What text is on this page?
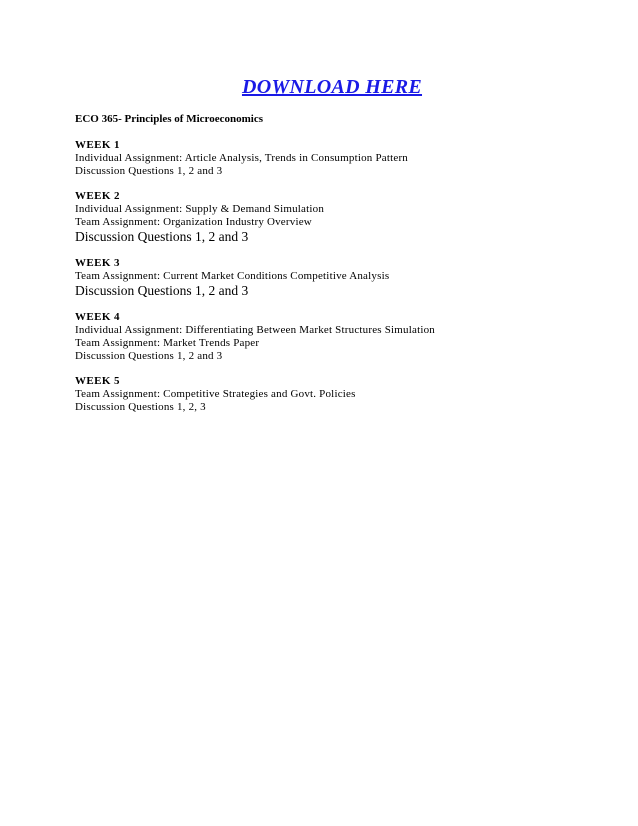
DOWNLOAD HERE
ECO 365- Principles of Microeconomics
WEEK 1
Individual Assignment: Article Analysis, Trends in Consumption Pattern
Discussion Questions 1, 2 and 3
WEEK 2
Individual Assignment: Supply & Demand Simulation
Team Assignment: Organization Industry Overview
Discussion Questions 1, 2 and 3
WEEK 3
Team Assignment: Current Market Conditions Competitive Analysis
Discussion Questions 1, 2 and 3
WEEK 4
Individual Assignment: Differentiating Between Market Structures Simulation
Team Assignment: Market Trends Paper
Discussion Questions 1, 2 and 3
WEEK 5
Team Assignment: Competitive Strategies and Govt. Policies
Discussion Questions 1, 2, 3
